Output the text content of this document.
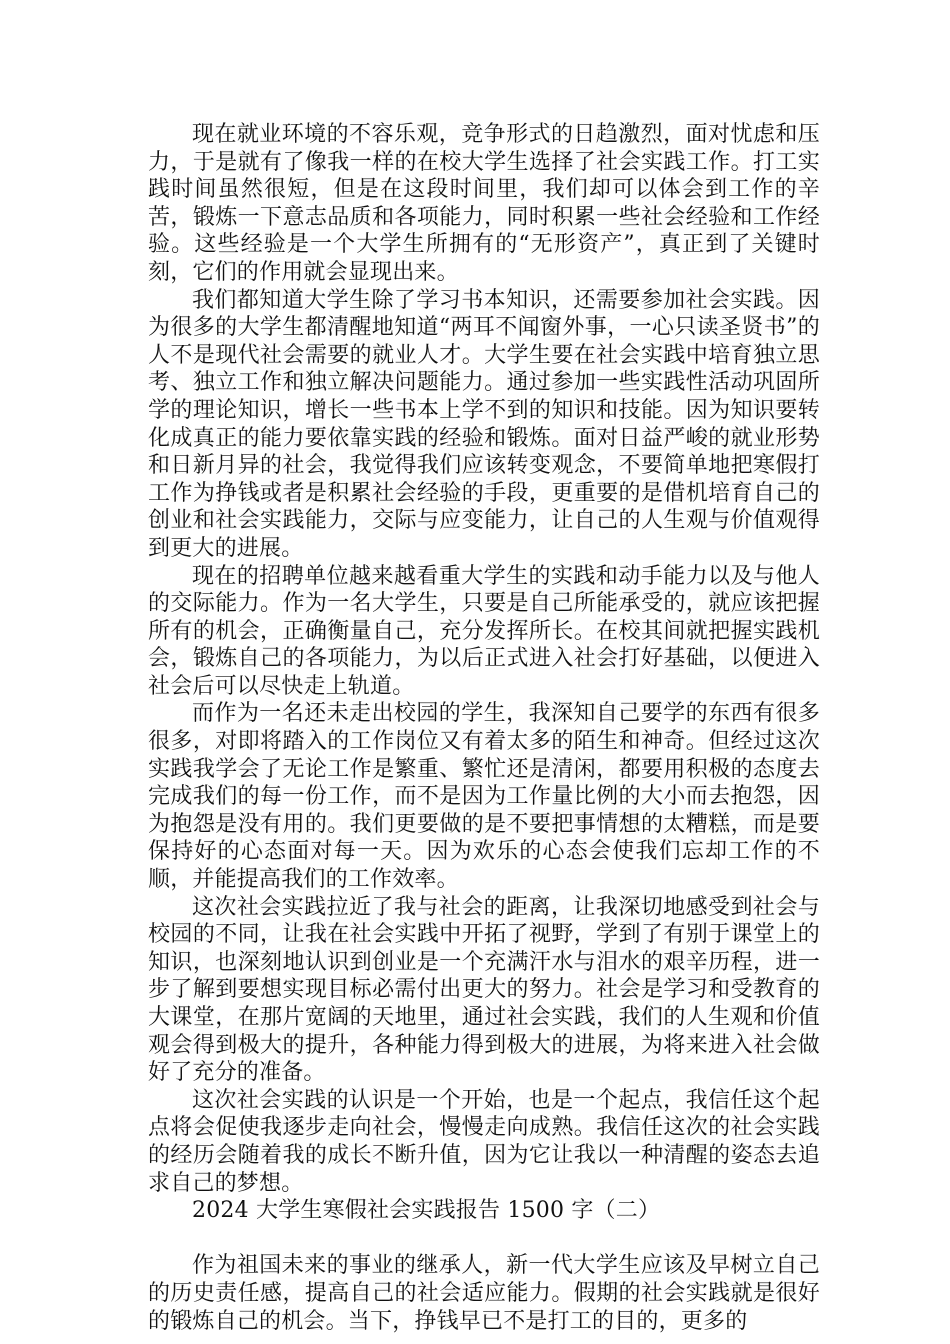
现在就业环境的不容乐观，竞争形式的日趋激烈，面对忧虑和压力，于是就有了像我一样的在校大学生选择了社会实践工作。打工实践时间虽然很短，但是在这段时间里，我们却可以体会到工作的辛苦，锻炼一下意志品质和各项能力，同时积累一些社会经验和工作经验。这些经验是一个大学生所拥有的“无形资产”，真正到了关键时刻，它们的作用就会显现出来。

我们都知道大学生除了学习书本知识，还需要参加社会实践。因为很多的大学生都清醒地知道“两耳不闻窗外事，一心只读圣贤书”的人不是现代社会需要的就业人才。大学生要在社会实践中培育独立思考、独立工作和独立解决问题能力。通过参加一些实践性活动巩固所学的理论知识，增长一些书本上学不到的知识和技能。因为知识要转化成真正的能力要依靠实践的经验和锻炼。面对日益严峻的就业形势和日新月异的社会，我觉得我们应该转变观念，不要简单地把寒假打工作为挣钱或者是积累社会经验的手段，更重要的是借机培育自己的创业和社会实践能力，交际与应变能力，让自己的人生观与价值观得到更大的进展。

现在的招聘单位越来越看重大学生的实践和动手能力以及与他人的交际能力。作为一名大学生，只要是自己所能承受的，就应该把握所有的机会，正确衡量自己，充分发挥所长。在校其间就把握实践机会，锻炼自己的各项能力，为以后正式进入社会打好基础，以便进入社会后可以尽快走上轨道。

而作为一名还未走出校园的学生，我深知自己要学的东西有很多很多，对即将踏入的工作岗位又有着太多的陌生和神奇。但经过这次实践我学会了无论工作是繁重、繁忙还是清闲，都要用积极的态度去完成我们的每一份工作，而不是因为工作量比例的大小而去抱怨，因为抱怨是没有用的。我们更要做的是不要把事情想的太糟糕，而是要保持好的心态面对每一天。因为欢乐的心态会使我们忘却工作的不顺，并能提高我们的工作效率。

这次社会实践拉近了我与社会的距离，让我深切地感受到社会与校园的不同，让我在社会实践中开拓了视野，学到了有别于课堂上的知识，也深刻地认识到创业是一个充满汗水与泪水的艰辛历程，进一步了解到要想实现目标必需付出更大的努力。社会是学习和受教育的大课堂，在那片宽阔的天地里，通过社会实践，我们的人生观和价值观会得到极大的提升，各种能力得到极大的进展，为将来进入社会做好了充分的准备。

这次社会实践的认识是一个开始，也是一个起点，我信任这个起点将会促使我逐步走向社会，慢慢走向成熟。我信任这次的社会实践的经历会随着我的成长不断升值，因为它让我以一种清醒的姿态去追求自己的梦想。

2024 大学生寒假社会实践报告 1500 字（二）

作为祖国未来的事业的继承人，新一代大学生应该及早树立自己的历史责任感，提高自己的社会适应能力。假期的社会实践就是很好的锻炼自己的机会。当下，挣钱早已不是打工的目的，更多的
